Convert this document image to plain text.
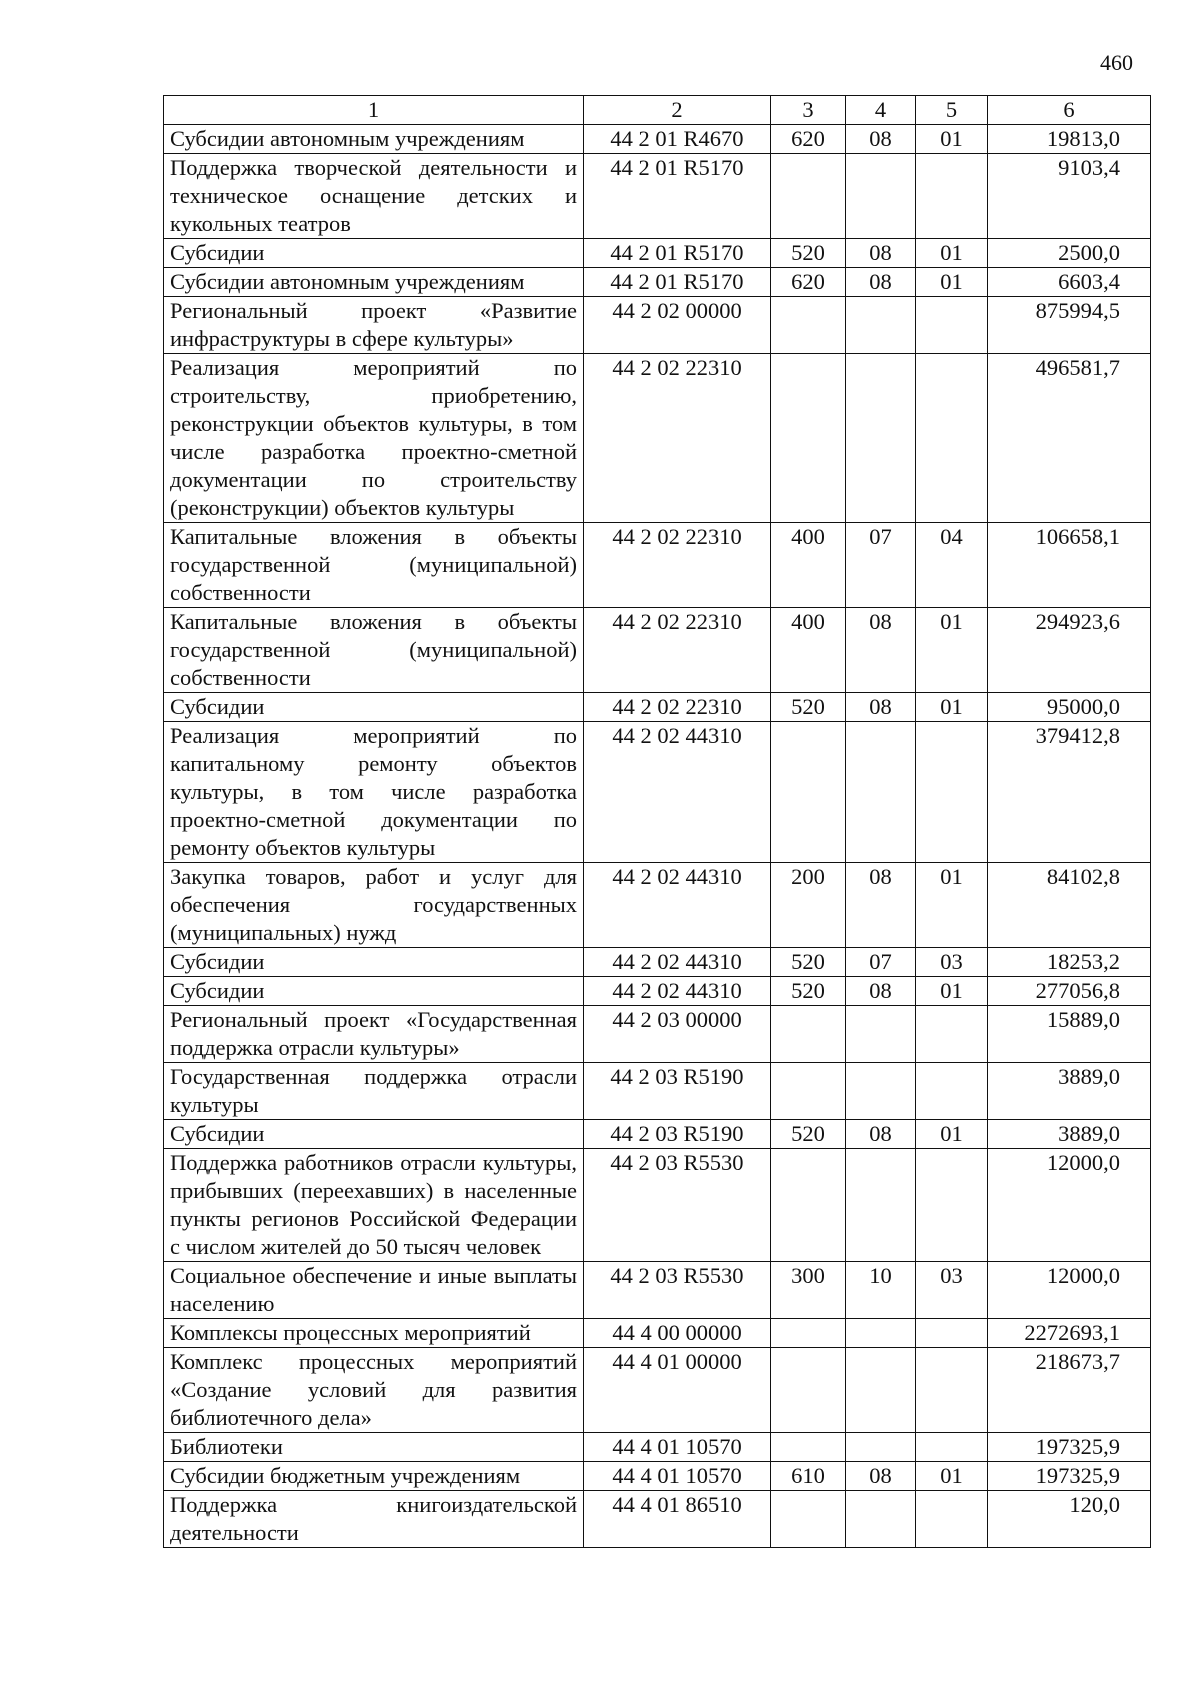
460
1	2	3	4	5	6
Субсидии автономным учреждениям	44 2 01 R4670	620	08	01	19813,0
Поддержка творческой деятельности и техническое оснащение детских и кукольных театров	44 2 01 R5170				9103,4
Субсидии	44 2 01 R5170	520	08	01	2500,0
Субсидии автономным учреждениям	44 2 01 R5170	620	08	01	6603,4
Региональный проект «Развитие инфраструктуры в сфере культуры»	44 2 02 00000				875994,5
Реализация мероприятий по строительству, приобретению, реконструкции объектов культуры, в том числе разработка проектно-сметной документации по строительству (реконструкции) объектов культуры	44 2 02 22310				496581,7
Капитальные вложения в объекты государственной (муниципальной) собственности	44 2 02 22310	400	07	04	106658,1
Капитальные вложения в объекты государственной (муниципальной) собственности	44 2 02 22310	400	08	01	294923,6
Субсидии	44 2 02 22310	520	08	01	95000,0
Реализация мероприятий по капитальному ремонту объектов культуры, в том числе разработка проектно-сметной документации по ремонту объектов культуры	44 2 02 44310				379412,8
Закупка товаров, работ и услуг для обеспечения государственных (муниципальных) нужд	44 2 02 44310	200	08	01	84102,8
Субсидии	44 2 02 44310	520	07	03	18253,2
Субсидии	44 2 02 44310	520	08	01	277056,8
Региональный проект «Государственная поддержка отрасли культуры»	44 2 03 00000				15889,0
Государственная поддержка отрасли культуры	44 2 03 R5190				3889,0
Субсидии	44 2 03 R5190	520	08	01	3889,0
Поддержка работников отрасли культуры, прибывших (переехавших) в населенные пункты регионов Российской Федерации с числом жителей до 50 тысяч человек	44 2 03 R5530				12000,0
Социальное обеспечение и иные выплаты населению	44 2 03 R5530	300	10	03	12000,0
Комплексы процессных мероприятий	44 4 00 00000				2272693,1
Комплекс процессных мероприятий «Создание условий для развития библиотечного дела»	44 4 01 00000				218673,7
Библиотеки	44 4 01 10570				197325,9
Субсидии бюджетным учреждениям	44 4 01 10570	610	08	01	197325,9
Поддержка книгоиздательской деятельности	44 4 01 86510				120,0
